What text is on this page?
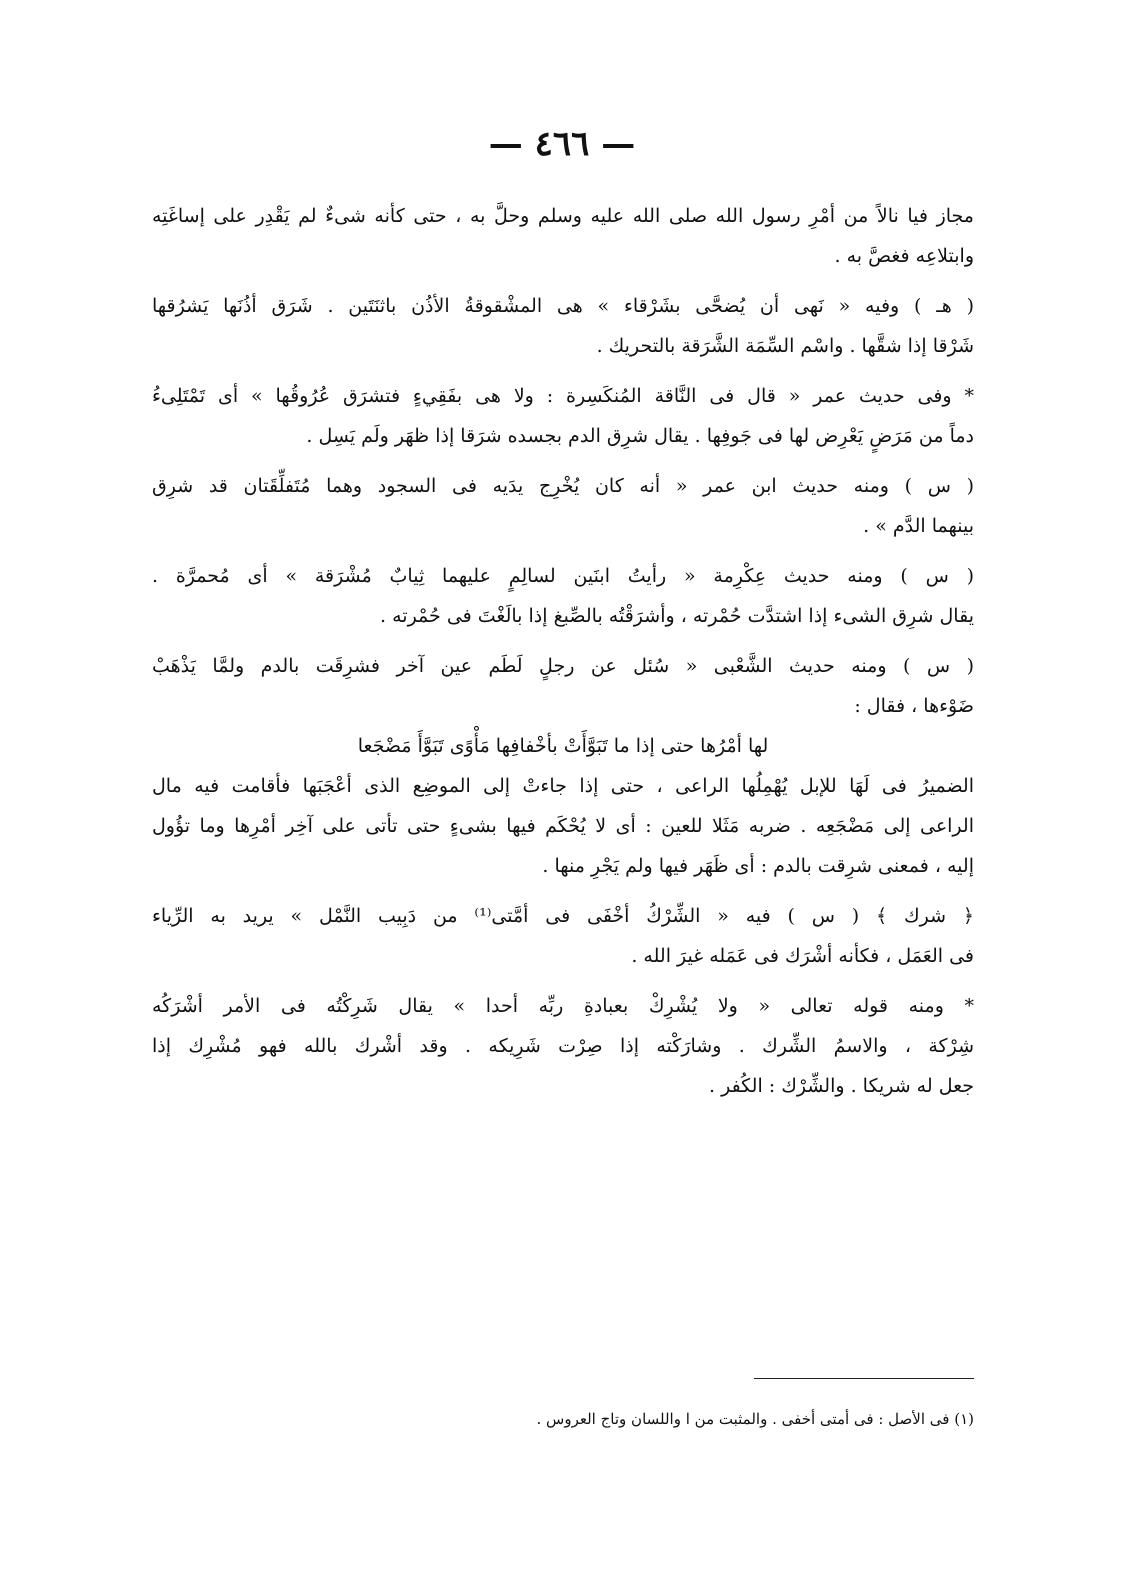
— ٤٦٦ —
مجاز فيا نالاً من أمْرِ رسول الله صلى الله عليه وسلم وحلَّ به ، حتى كأنه شىءٌ لم يَقْدِر على إساغَتِه
وابتلاعِه فغصَّ به .
( هـ ) وفيه « نَهى أن يُضحَّى بشَرْقاء » هى المشْقوقةُ الأذُن باثنَتَين . شَرَق أذُنَها يَشرُقها
شَرْقا إذا شقَّها . واسْم السِّمَة الشَّرَقة بالتحريك .
* وفى حديث عمر « قال فى النَّاقة المُنكَسِرة : ولا هى بفَقِيءٍ فتشرَق عُرُوقُها » أى تَمْتَلِىءُ
دماً من مَرَضٍ يَعْرِض لها فى جَوفِها . يقال شرِق الدم بجسده شرَقا إذا ظهَر ولَم يَسِل .
( س ) ومنه حديث ابن عمر « أنه كان يُخْرِج يدَيه فى السجود وهما مُتَفلِّقَتان قد شرِق
بينهما الدَّم » .
( س ) ومنه حديث عِكْرِمة « رأيتُ ابنَين لسالِمٍ عليهما ثِيابٌ مُشْرَقة » أى مُحمرَّة .
يقال شرِق الشىء إذا اشتدَّت حُمْرته ، وأشرَقْتُه بالصِّبغ إذا بالَغْتَ فى حُمْرته .
( س ) ومنه حديث الشَّعْبى « سُئل عن رجلٍ لَطَم عين آخر فشرِقَت بالدم ولمَّا يَذْهَبْ
ضَوْءها ، فقال :
لها أمْرُها حتى إذا ما تَبَوَّأَتْ بأخْفافِها مَأْوًى تَبَوَّأَ مَضْجَعا
الضميرُ فى لَهَا للإبل يُهْمِلُها الراعى ، حتى إذا جاءتْ إلى الموضِع الذى أعْجَبَها فأقامت فيه مال
الراعى إلى مَضْجَعِه . ضربه مَثَلا للعين : أى لا يُحْكَم فيها بشىءٍ حتى تأتى على آخِر أمْرِها وما تؤُول
إليه ، فمعنى شرِقت بالدم : أى ظَهَر فيها ولم يَجْرِ منها .
﴿ شرك ﴾ ( س ) فيه « الشِّرْكُ أخْفَى فى أمَّتى⁽¹⁾ من دَبِيب النَّمْل » يريد به الرِّياء
فى العَمَل ، فكأنه أشْرَك فى عَمَله غيرَ الله .
* ومنه قوله تعالى « ولا يُشْرِكْ بعبادةِ ربِّه أحدا » يقال شَرِكْتُه فى الأمر أشْرَكُه
شِرْكة ، والاسمُ الشِّرك . وشارَكْته إذا صِرْت شَرِيكه . وقد أشْرك بالله فهو مُشْرِك إذا
جعل له شريكا . والشِّرْك : الكُفر .
(١) فى الأصل : فى أمتى أخفى . والمثبت من ا واللسان وتاج العروس .
